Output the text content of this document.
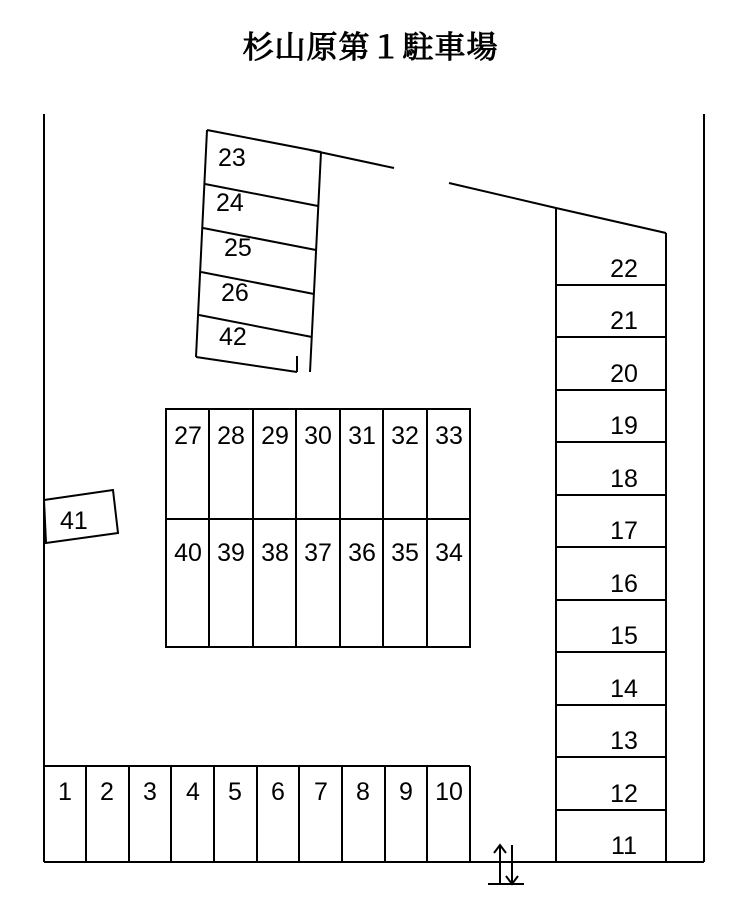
杉山原第１駐車場
23
24
25
26
42
22
21
20
19
18
17
16
15
14
13
12
11
27 28 29 30 31 32 33
40 39 38 37 36 35 34
41
1 2 3 4 5 6 7 8 9 10
